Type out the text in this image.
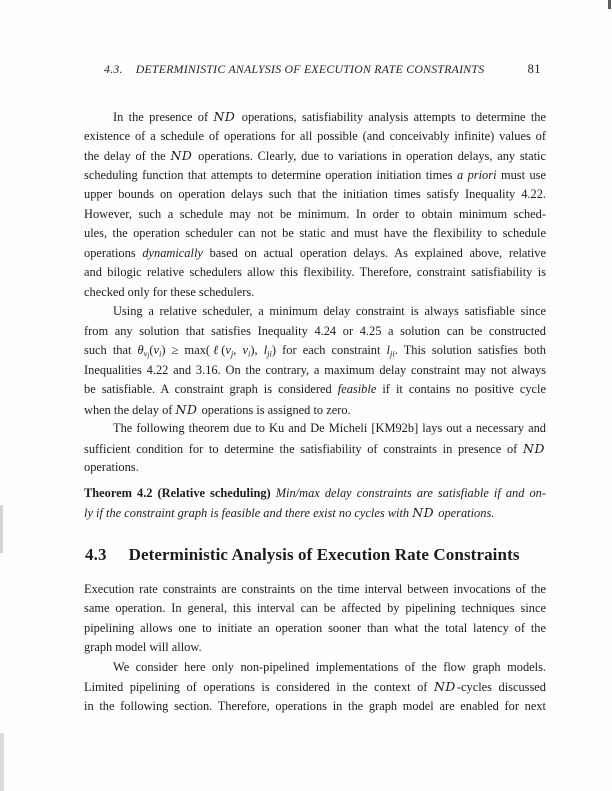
4.3. DETERMINISTIC ANALYSIS OF EXECUTION RATE CONSTRAINTS	81
In the presence of ND operations, satisfiability analysis attempts to determine the
existence of a schedule of operations for all possible (and conceivably infinite) values of
the delay of the ND operations. Clearly, due to variations in operation delays, any static
scheduling function that attempts to determine operation initiation times a priori must use
upper bounds on operation delays such that the initiation times satisfy Inequality 4.22.
However, such a schedule may not be minimum. In order to obtain minimum sched-
ules, the operation scheduler can not be static and must have the flexibility to schedule
operations dynamically based on actual operation delays. As explained above, relative
and bilogic relative schedulers allow this flexibility. Therefore, constraint satisfiability is
checked only for these schedulers.
Using a relative scheduler, a minimum delay constraint is always satisfiable since
from any solution that satisfies Inequality 4.24 or 4.25 a solution can be constructed
such that $\theta v_j(vi)$ ≥ max(ℓ(vj, vi), lji) for each constraint lji. This solution satisfies both
Inequalities 4.22 and 3.16. On the contrary, a maximum delay constraint may not always
be satisfiable. A constraint graph is considered feasible if it contains no positive cycle
when the delay of ND operations is assigned to zero.
The following theorem due to Ku and De Micheli [KM92b] lays out a necessary and
sufficient condition for to determine the satisfiability of constraints in presence of ND
operations.
Theorem 4.2 (Relative scheduling) Min/max delay constraints are satisfiable if and on-
ly if the constraint graph is feasible and there exist no cycles with ND operations.
4.3 Deterministic Analysis of Execution Rate Constraints
Execution rate constraints are constraints on the time interval between invocations of the
same operation. In general, this interval can be affected by pipelining techniques since
pipelining allows one to initiate an operation sooner than what the total latency of the
graph model will allow.
We consider here only non-pipelined implementations of the flow graph models.
Limited pipelining of operations is considered in the context of ND-cycles discussed
in the following section. Therefore, operations in the graph model are enabled for next
